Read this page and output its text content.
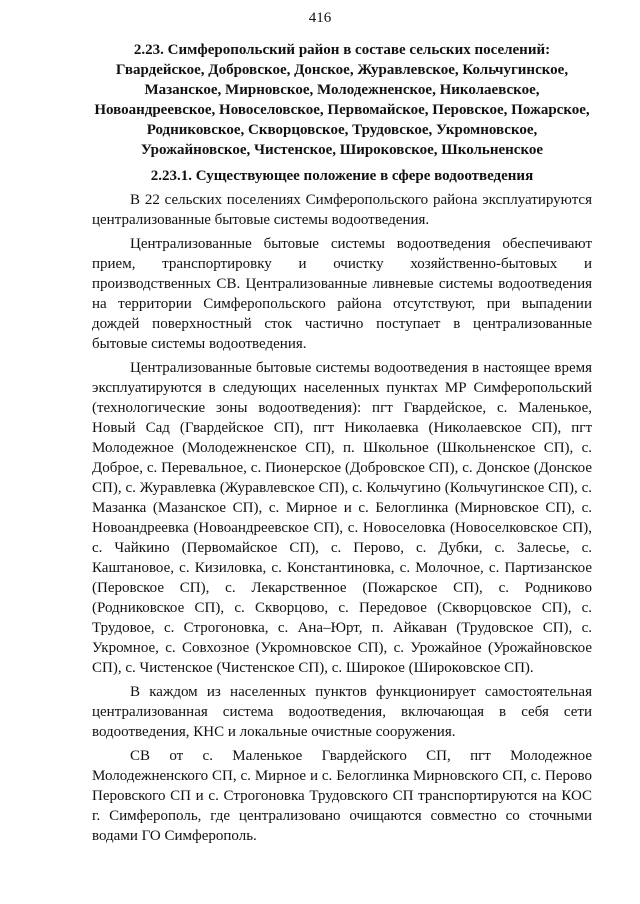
416
2.23. Симферопольский район в составе сельских поселений: Гвардейское, Добровское, Донское, Журавлевское, Кольчугинское, Мазанское, Мирновское, Молодежненское, Николаевское, Новоандреевское, Новоселовское, Первомайское, Перовское, Пожарское, Родниковское, Скворцовское, Трудовское, Укромновское, Урожайновское, Чистенское, Широковское, Школьненское
2.23.1. Существующее положение в сфере водоотведения

В 22 сельских поселениях Симферопольского района эксплуатируются централизованные бытовые системы водоотведения.

Централизованные бытовые системы водоотведения обеспечивают прием, транспортировку и очистку хозяйственно-бытовых и производственных СВ. Централизованные ливневые системы водоотведения на территории Симферопольского района отсутствуют, при выпадении дождей поверхностный сток частично поступает в централизованные бытовые системы водоотведения.

Централизованные бытовые системы водоотведения в настоящее время эксплуатируются в следующих населенных пунктах МР Симферопольский (технологические зоны водоотведения): пгт Гвардейское, с. Маленькое, Новый Сад (Гвардейское СП), пгт Николаевка (Николаевское СП), пгт Молодежное (Молодежненское СП), п. Школьное (Школьненское СП), с. Доброе, с. Перевальное, с. Пионерское (Добровское СП), с. Донское (Донское СП), с. Журавлевка (Журавлевское СП), с. Кольчугино (Кольчугинское СП), с. Мазанка (Мазанское СП), с. Мирное и с. Белоглинка (Мирновское СП), с. Новоандреевка (Новоандреевское СП), с. Новоселовка (Новоселковское СП), с. Чайкино (Первомайское СП), с. Перово, с. Дубки, с. Залесье, с. Каштановое, с. Кизиловка, с. Константиновка, с. Молочное, с. Партизанское (Перовское СП), с. Лекарственное (Пожарское СП), с. Родниково (Родниковское СП), с. Скворцово, с. Передовое (Скворцовское СП), с. Трудовое, с. Строгоновка, с. Ана–Юрт, п. Айкаван (Трудовское СП), с. Укромное, с. Совхозное (Укромновское СП), с. Урожайное (Урожайновское СП), с. Чистенское (Чистенское СП), с. Широкое (Широковское СП).

В каждом из населенных пунктов функционирует самостоятельная централизованная система водоотведения, включающая в себя сети водоотведения, КНС и локальные очистные сооружения.

СВ от с. Маленькое Гвардейского СП, пгт Молодежное Молодежненского СП, с. Мирное и с. Белоглинка Мирновского СП, с. Перово Перовского СП и с. Строгоновка Трудовского СП транспортируются на КОС г. Симферополь, где централизовано очищаются совместно со сточными водами ГО Симферополь.
